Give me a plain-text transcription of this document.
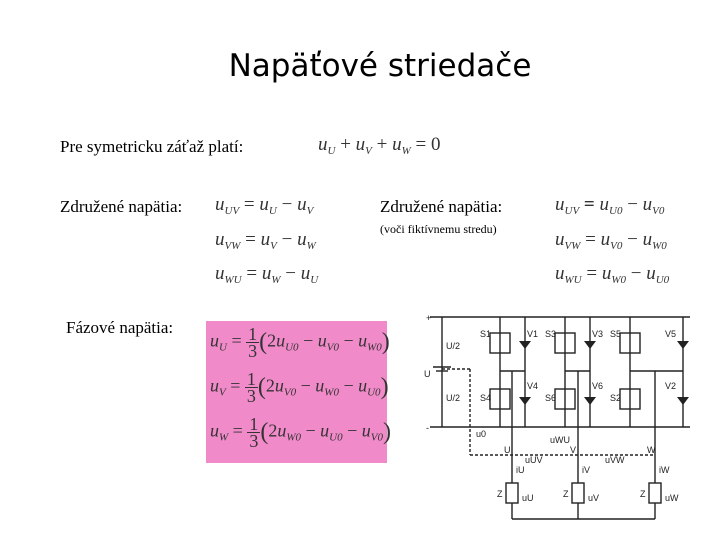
Napäťové striedače
Pre symetricku záťaž platí:	$u_U + u_V + u_W = 0$
Združené napätia: $u_{UV} = u_U - u_V$
$u_{VW} = u_V - u_W$
$u_{WU} = u_W - u_U$
Združené napätia:
(voči fiktívnemu stredu)
$u_{UV} = u_{U0} - u_{V0}$
$u_{VW} = u_{V0} - u_{W0}$
$u_{WU} = u_{W0} - u_{U0}$
Fázové napätia:
$u_U = \frac{1}{3} (2u_{U0} - u_{V0} - u_{W0})$
$u_V = \frac{1}{3} (2u_{V0} - u_{W0} - u_{U0})$
$u_W = \frac{1}{3} (2u_{W0} - u_{U0} - u_{V0})$
+
-
U
U/2
U/2
S1	S3	S5
S4	S6	S2
V1	V3	V5
V4	V6	V2
u0
uWU
uUV	uVW
U	V	W
iU	iV	iW
Z	Z	Z
uU	uV	uW
